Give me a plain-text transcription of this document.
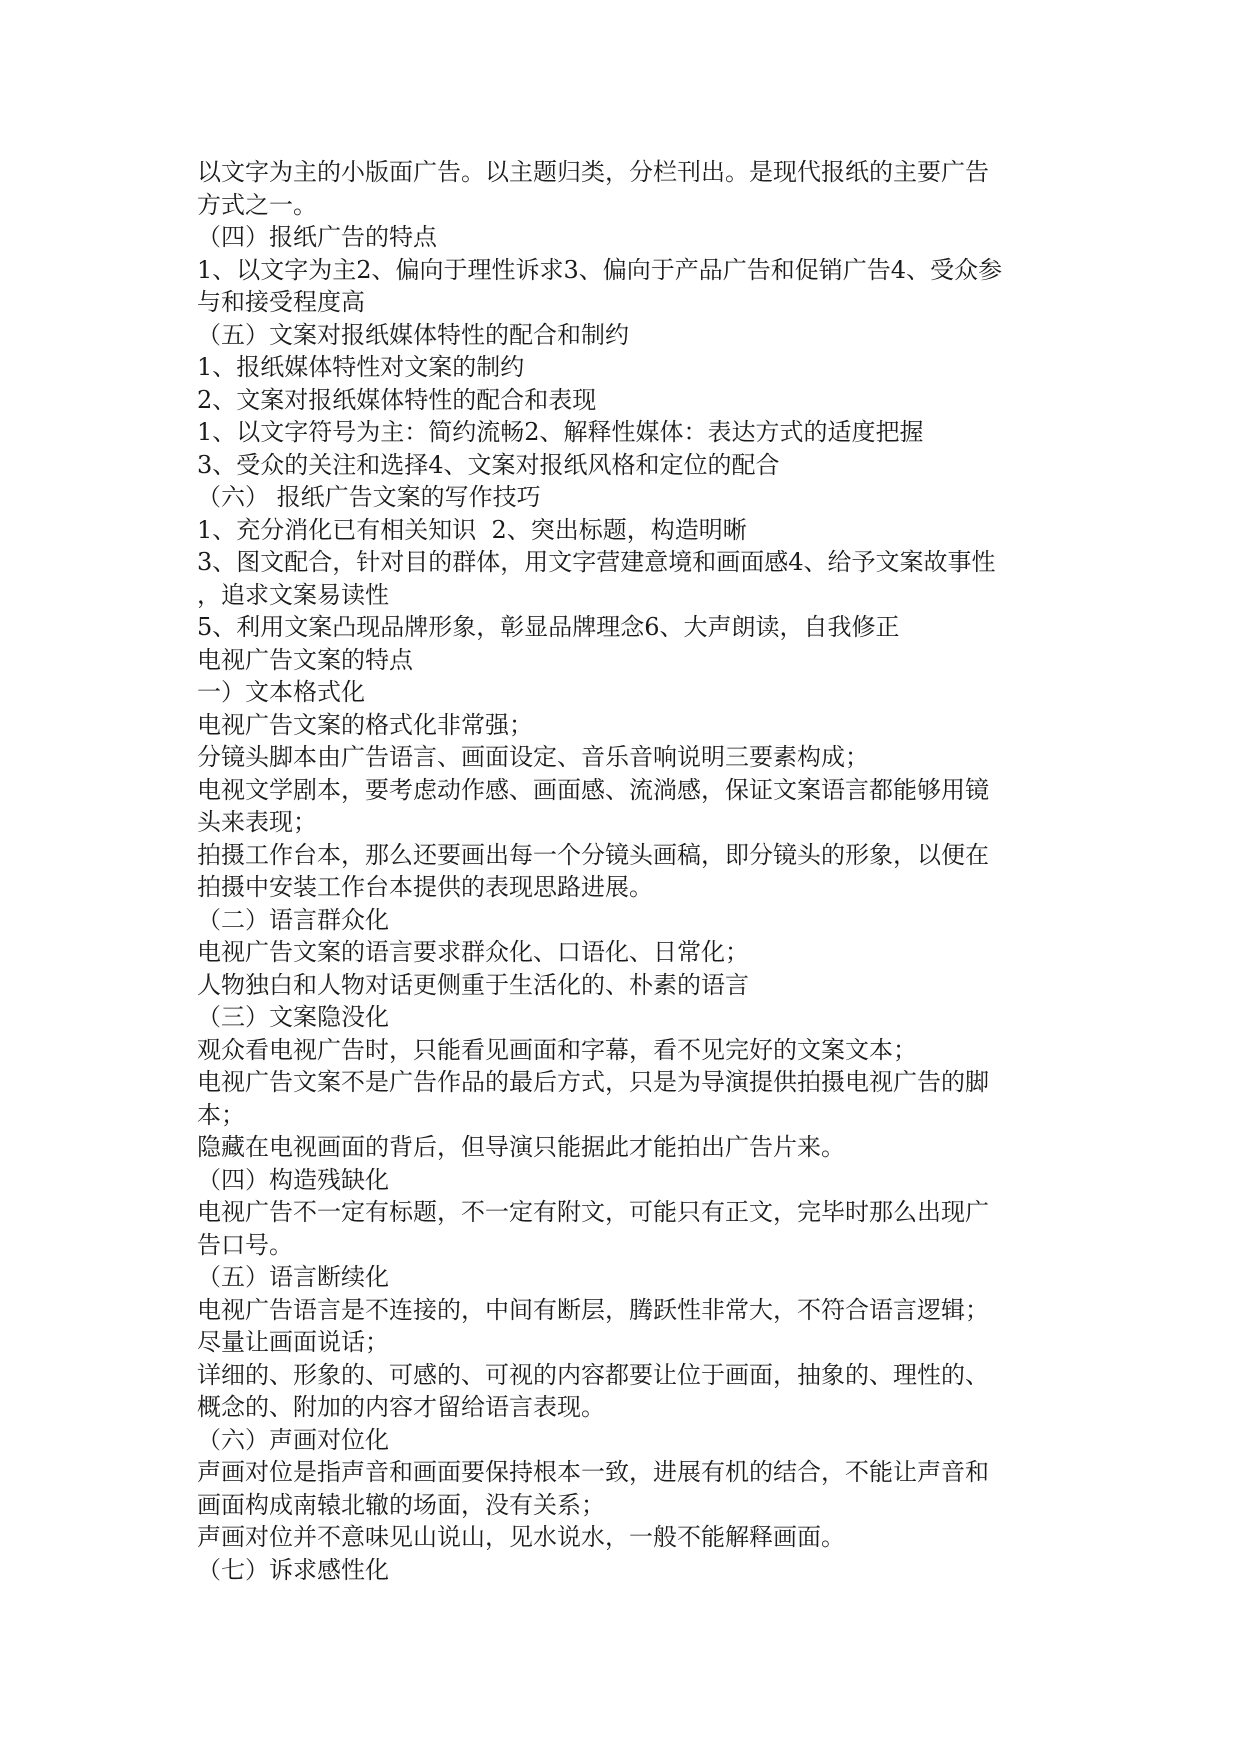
以文字为主的小版面广告。以主题归类，分栏刊出。是现代报纸的主要广告

方式之一。

（四）报纸广告的特点

1、以文字为主2、偏向于理性诉求3、偏向于产品广告和促销广告4、受众参

与和接受程度高

（五）文案对报纸媒体特性的配合和制约

1、报纸媒体特性对文案的制约

2、文案对报纸媒体特性的配合和表现

1、以文字符号为主：简约流畅2、解释性媒体：表达方式的适度把握

3、受众的关注和选择4、文案对报纸风格和定位的配合

（六） 报纸广告文案的写作技巧

1、充分消化已有相关知识  2、突出标题，构造明晰

3、图文配合，针对目的群体，用文字营建意境和画面感4、给予文案故事性

，追求文案易读性

5、利用文案凸现品牌形象，彰显品牌理念6、大声朗读，自我修正

电视广告文案的特点

一）文本格式化

电视广告文案的格式化非常强；

分镜头脚本由广告语言、画面设定、音乐音响说明三要素构成；

电视文学剧本，要考虑动作感、画面感、流淌感，保证文案语言都能够用镜

头来表现；

拍摄工作台本，那么还要画出每一个分镜头画稿，即分镜头的形象，以便在

拍摄中安装工作台本提供的表现思路进展。

（二）语言群众化

电视广告文案的语言要求群众化、口语化、日常化；

人物独白和人物对话更侧重于生活化的、朴素的语言

（三）文案隐没化

观众看电视广告时，只能看见画面和字幕，看不见完好的文案文本；

电视广告文案不是广告作品的最后方式，只是为导演提供拍摄电视广告的脚

本；

隐藏在电视画面的背后，但导演只能据此才能拍出广告片来。

（四）构造残缺化

电视广告不一定有标题，不一定有附文，可能只有正文，完毕时那么出现广

告口号。

（五）语言断续化

电视广告语言是不连接的，中间有断层，腾跃性非常大，不符合语言逻辑；

尽量让画面说话；

详细的、形象的、可感的、可视的内容都要让位于画面，抽象的、理性的、

概念的、附加的内容才留给语言表现。

（六）声画对位化

声画对位是指声音和画面要保持根本一致，进展有机的结合，不能让声音和

画面构成南辕北辙的场面，没有关系；

声画对位并不意味见山说山，见水说水，一般不能解释画面。

（七）诉求感性化
